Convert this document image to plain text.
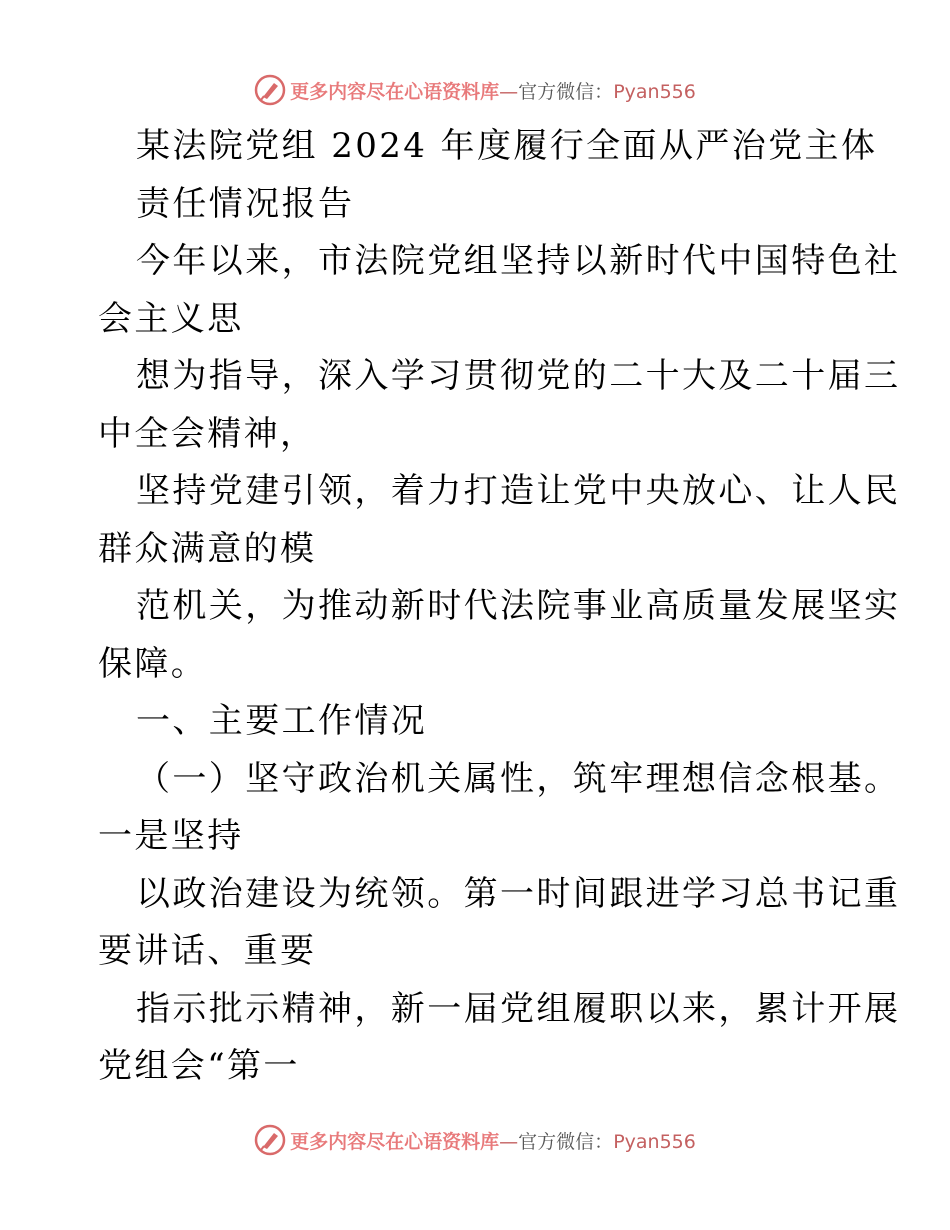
更多内容尽在心语资料库—官方微信：Pyan556
某法院党组 2024 年度履行全面从严治党主体
责任情况报告
今年以来，市法院党组坚持以新时代中国特色社
会主义思
想为指导，深入学习贯彻党的二十大及二十届三
中全会精神，
坚持党建引领，着力打造让党中央放心、让人民
群众满意的模
范机关，为推动新时代法院事业高质量发展坚实
保障。
一、主要工作情况
（一）坚守政治机关属性，筑牢理想信念根基。
一是坚持
以政治建设为统领。第一时间跟进学习总书记重
要讲话、重要
指示批示精神，新一届党组履职以来，累计开展
党组会“第一
更多内容尽在心语资料库—官方微信：Pyan556
